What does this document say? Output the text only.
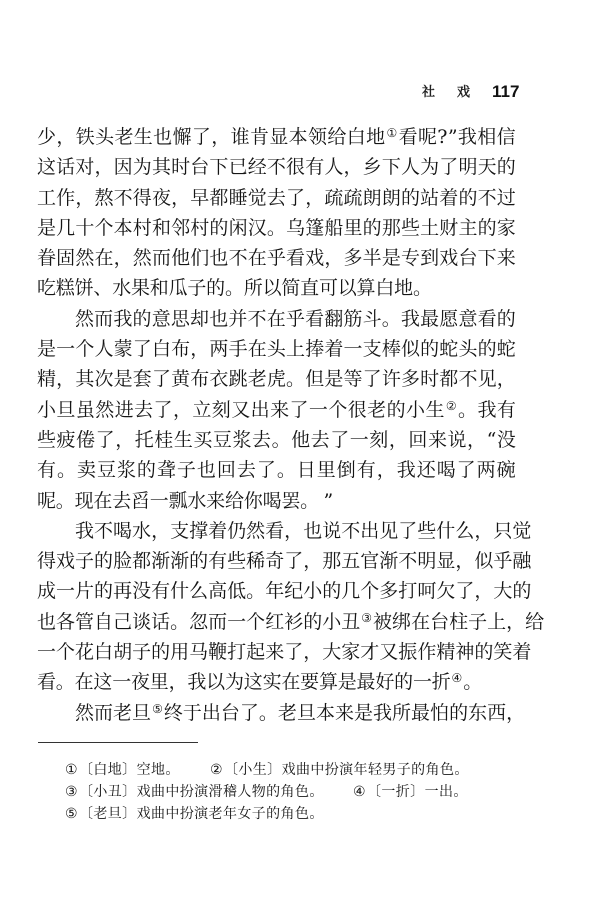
社 戏 117
少 ， 铁 头 老 生 也 懈 了 ， 谁 肯 显 本 领 给 白 地 ① 看 呢 ? ” 我 相 信
这 话 对 ， 因 为 其 时 台 下 已 经 不 很 有 人 ， 乡 下 人 为 了 明 天 的
工 作 ， 熬 不 得 夜 ， 早 都 睡 觉 去 了 ， 疏 疏 朗 朗 的 站 着 的 不 过
是 几 十 个 本 村 和 邻 村 的 闲 汉 。 乌 篷 船 里 的 那 些 土 财 主 的 家
眷 固 然 在 ， 然 而 他 们 也 不 在 乎 看 戏 ， 多 半 是 专 到 戏 台 下 来
吃 糕 饼 、 水 果 和 瓜 子 的 。 所 以 简 直 可 以 算 白 地 。
然 而 我 的 意 思 却 也 并 不 在 乎 看 翻 筋 斗 。 我 最 愿 意 看 的
是 一 个 人 蒙 了 白 布 ， 两 手 在 头 上 捧 着 一 支 棒 似 的 蛇 头 的 蛇
精 ， 其 次 是 套 了 黄 布 衣 跳 老 虎 。 但 是 等 了 许 多 时 都 不 见 ，
小 旦 虽 然 进 去 了 ， 立 刻 又 出 来 了 一 个 很 老 的 小 生 ② 。 我 有
些 疲 倦 了 ， 托 桂 生 买 豆 浆 去 。 他 去 了 一 刻 ， 回 来 说 ， “ 没
有 。 卖 豆 浆 的 聋 子 也 回 去 了 。 日 里 倒 有 ， 我 还 喝 了 两 碗
呢 。 现 在 去 舀 一 瓢 水 来 给 你 喝 罢 。 ”
我 不 喝 水 ， 支 撑 着 仍 然 看 ， 也 说 不 出 见 了 些 什 么 ， 只 觉
得 戏 子 的 脸 都 渐 渐 的 有 些 稀 奇 了 ， 那 五 官 渐 不 明 显 ， 似 乎 融
成 一 片 的 再 没 有 什 么 高 低 。 年 纪 小 的 几 个 多 打 呵 欠 了 ， 大 的
也 各 管 自 己 谈 话 。 忽 而 一 个 红 衫 的 小 丑 ③ 被 绑 在 台 柱 子 上 ， 给
一 个 花 白 胡 子 的 用 马 鞭 打 起 来 了 ， 大 家 才 又 振 作 精 神 的 笑 着
看 。 在 这 一 夜 里 ， 我 以 为 这 实 在 要 算 是 最 好 的 一 折 ④ 。
然 而 老 旦 ⑤ 终 于 出 台 了 。 老 旦 本 来 是 我 所 最 怕 的 东 西 ，
①〔白地〕空地。 ②〔小生〕戏曲中扮演年轻男子的角色。
③〔小丑〕戏曲中扮演滑稽人物的角色。 ④〔一折〕一出。
⑤〔老旦〕戏曲中扮演老年女子的角色。
